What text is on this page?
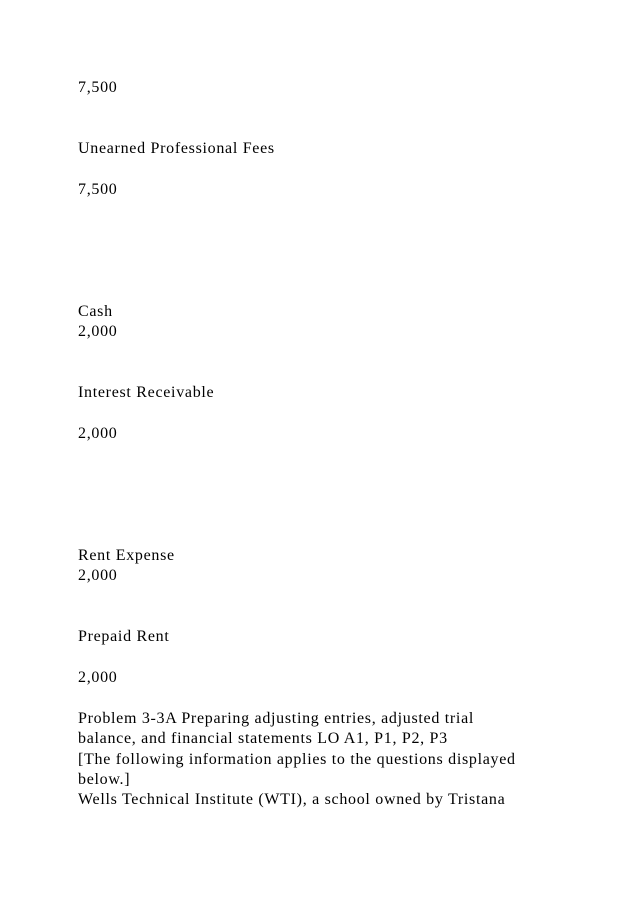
7,500
Unearned Professional Fees
7,500
Cash
2,000
Interest Receivable
2,000
Rent Expense
2,000
Prepaid Rent
2,000
Problem 3-3A Preparing adjusting entries, adjusted trial
balance, and financial statements LO A1, P1, P2, P3
[The following information applies to the questions displayed
below.]
Wells Technical Institute (WTI), a school owned by Tristana
